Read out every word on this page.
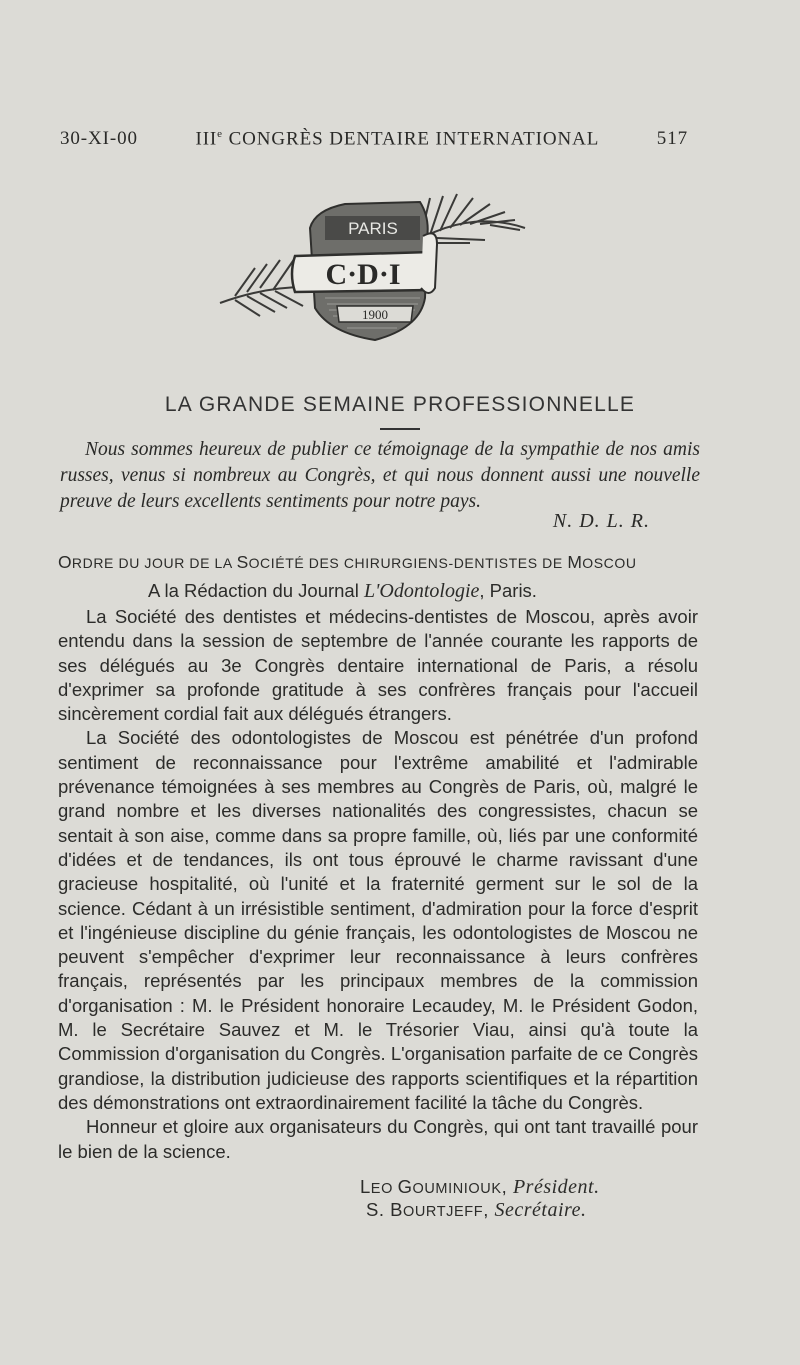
30-XI-00	IIIe CONGRÈS DENTAIRE INTERNATIONAL	517
PARIS
C·D·I
1900
LA GRANDE SEMAINE PROFESSIONNELLE
Nous sommes heureux de publier ce témoignage de la sympathie de nos amis russes, venus si nombreux au Congrès, et qui nous donnent aussi une nouvelle preuve de leurs excellents sentiments pour notre pays.
N. D. L. R.
ORDRE DU JOUR DE LA SOCIÉTÉ DES CHIRURGIENS-DENTISTES DE MOSCOU
A la Rédaction du Journal L'Odontologie, Paris.

La Société des dentistes et médecins-dentistes de Moscou, après avoir entendu dans la session de septembre de l'année courante les rapports de ses délégués au 3e Congrès dentaire international de Paris, a résolu d'exprimer sa profonde gratitude à ses confrères français pour l'accueil sincèrement cordial fait aux délégués étrangers.

La Société des odontologistes de Moscou est pénétrée d'un profond sentiment de reconnaissance pour l'extrême amabilité et l'admirable prévenance témoignées à ses membres au Congrès de Paris, où, malgré le grand nombre et les diverses nationalités des congressistes, chacun se sentait à son aise, comme dans sa propre famille, où, liés par une conformité d'idées et de tendances, ils ont tous éprouvé le charme ravissant d'une gracieuse hospitalité, où l'unité et la fraternité germent sur le sol de la science. Cédant à un irrésistible sentiment, d'admiration pour la force d'esprit et l'ingénieuse discipline du génie français, les odontologistes de Moscou ne peuvent s'empêcher d'exprimer leur reconnaissance à leurs confrères français, représentés par les principaux membres de la commission d'organisation : M. le Président honoraire Lecaudey, M. le Président Godon, M. le Secrétaire Sauvez et M. le Trésorier Viau, ainsi qu'à toute la Commission d'organisation du Congrès. L'organisation parfaite de ce Congrès grandiose, la distribution judicieuse des rapports scientifiques et la répartition des démonstrations ont extraordinairement facilité la tâche du Congrès.

Honneur et gloire aux organisateurs du Congrès, qui ont tant travaillé pour le bien de la science.

LEO GOUMINIOUK, Président.
S. BOURTJEFF, Secrétaire.
